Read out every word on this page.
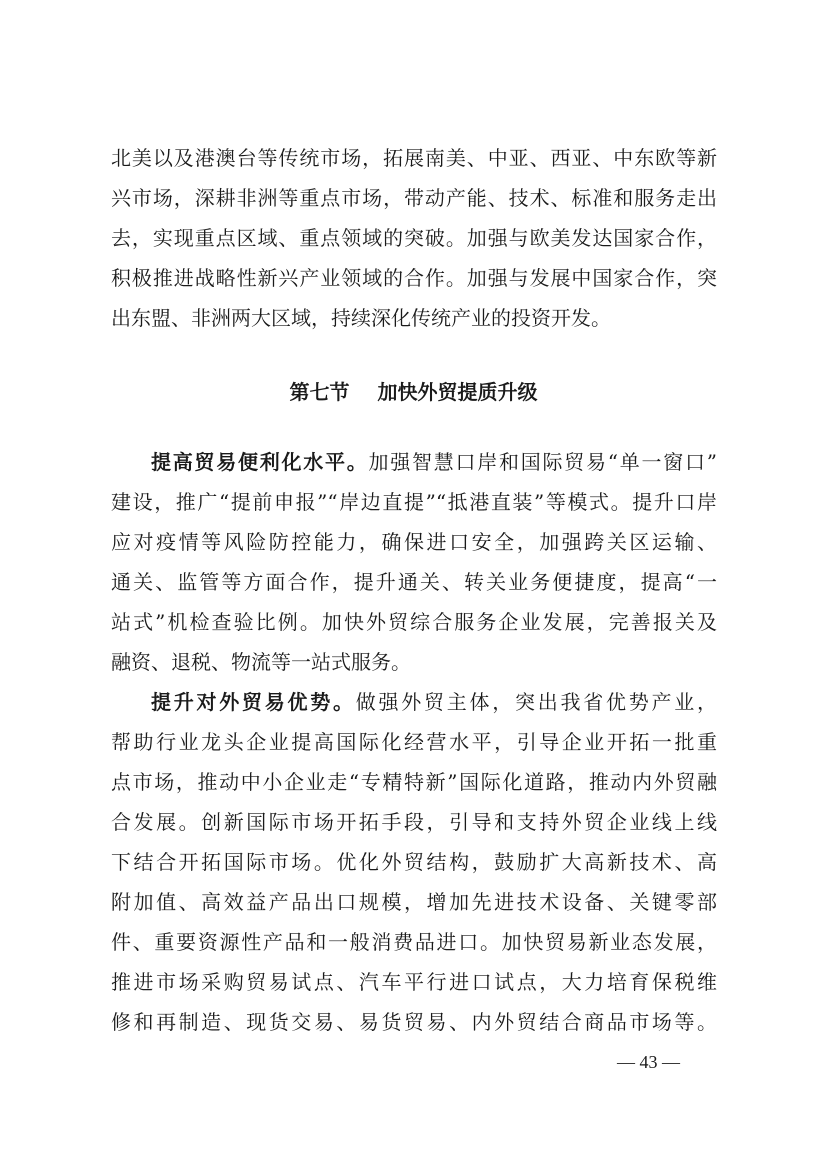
北美以及港澳台等传统市场，拓展南美、中亚、西亚、中东欧等新
兴市场，深耕非洲等重点市场，带动产能、技术、标准和服务走出
去，实现重点区域、重点领域的突破。加强与欧美发达国家合作，
积极推进战略性新兴产业领域的合作。加强与发展中国家合作，突
出东盟、非洲两大区域，持续深化传统产业的投资开发。
第七节 加快外贸提质升级
提高贸易便利化水平。加强智慧口岸和国际贸易“单一窗口”
建设，推广“提前申报”“岸边直提”“抵港直装”等模式。提升口岸
应对疫情等风险防控能力，确保进口安全，加强跨关区运输、
通关、监管等方面合作，提升通关、转关业务便捷度，提高“一
站式”机检查验比例。加快外贸综合服务企业发展，完善报关及
融资、退税、物流等一站式服务。
提升对外贸易优势。做强外贸主体，突出我省优势产业，
帮助行业龙头企业提高国际化经营水平，引导企业开拓一批重
点市场，推动中小企业走“专精特新”国际化道路，推动内外贸融
合发展。创新国际市场开拓手段，引导和支持外贸企业线上线
下结合开拓国际市场。优化外贸结构，鼓励扩大高新技术、高
附加值、高效益产品出口规模，增加先进技术设备、关键零部
件、重要资源性产品和一般消费品进口。加快贸易新业态发展，
推进市场采购贸易试点、汽车平行进口试点，大力培育保税维
修和再制造、现货交易、易货贸易、内外贸结合商品市场等。
— 43 —
